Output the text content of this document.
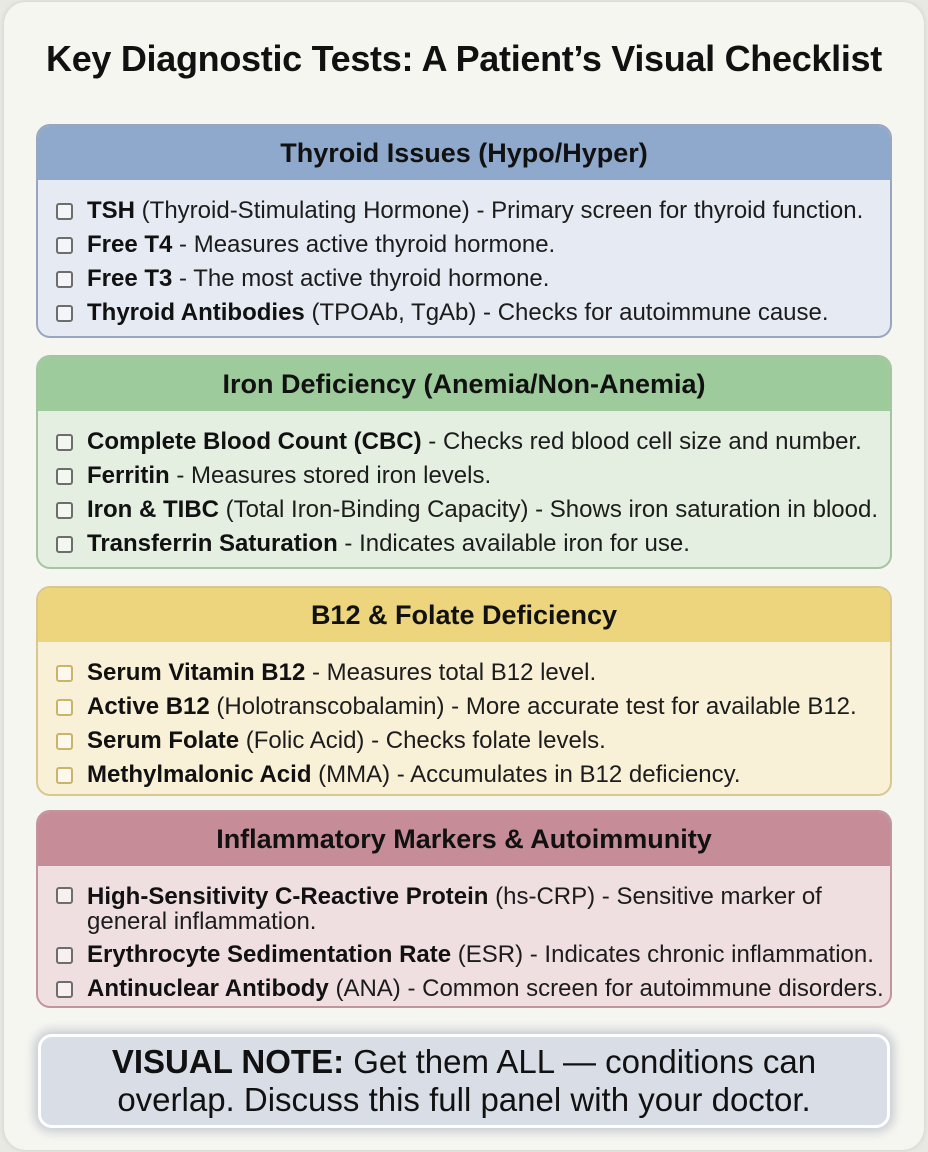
Key Diagnostic Tests: A Patient’s Visual Checklist
Thyroid Issues (Hypo/Hyper)
TSH (Thyroid-Stimulating Hormone) - Primary screen for thyroid function.
Free T4 - Measures active thyroid hormone.
Free T3 - The most active thyroid hormone.
Thyroid Antibodies (TPOAb, TgAb) - Checks for autoimmune cause.
Iron Deficiency (Anemia/Non-Anemia)
Complete Blood Count (CBC) - Checks red blood cell size and number.
Ferritin - Measures stored iron levels.
Iron & TIBC (Total Iron-Binding Capacity) - Shows iron saturation in blood.
Transferrin Saturation - Indicates available iron for use.
B12 & Folate Deficiency
Serum Vitamin B12 - Measures total B12 level.
Active B12 (Holotranscobalamin) - More accurate test for available B12.
Serum Folate (Folic Acid) - Checks folate levels.
Methylmalonic Acid (MMA) - Accumulates in B12 deficiency.
Inflammatory Markers & Autoimmunity
High-Sensitivity C-Reactive Protein (hs-CRP) - Sensitive marker of general inflammation.
Erythrocyte Sedimentation Rate (ESR) - Indicates chronic inflammation.
Antinuclear Antibody (ANA) - Common screen for autoimmune disorders.
VISUAL NOTE: Get them ALL — conditions can overlap. Discuss this full panel with your doctor.
